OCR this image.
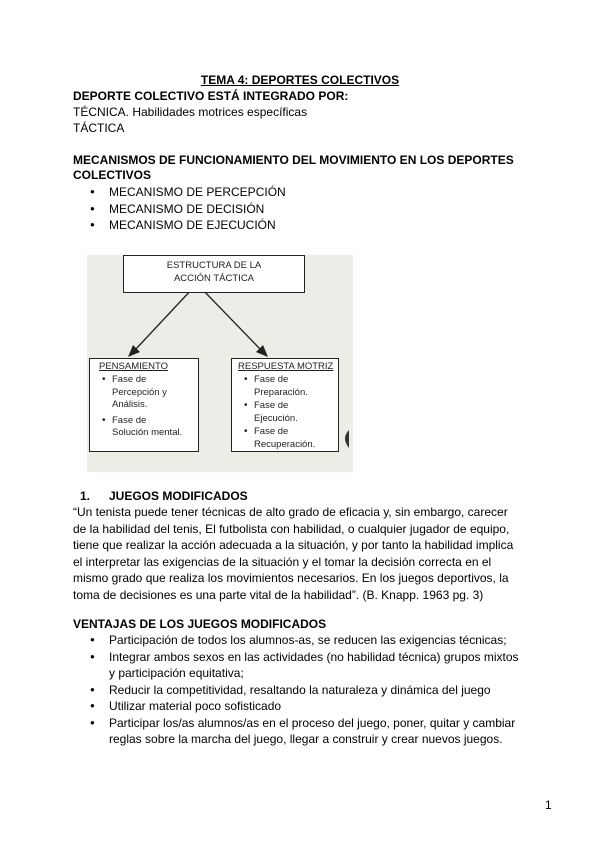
TEMA 4: DEPORTES COLECTIVOS
DEPORTE COLECTIVO ESTÁ INTEGRADO POR:
TÉCNICA. Habilidades motrices específicas
TÁCTICA
MECANISMOS DE FUNCIONAMIENTO DEL MOVIMIENTO EN LOS DEPORTES
COLECTIVOS
● MECANISMO DE PERCEPCIÓN
● MECANISMO DE DECISIÓN
● MECANISMO DE EJECUCIÓN
ESTRUCTURA DE LA
ACCIÓN TÁCTICA
PENSAMIENTO
• Fase de
Percepción y
Análisis.
• Fase de
Solución mental.
RESPUESTA MOTRIZ
• Fase de
Preparación.
• Fase de
Ejecución.
• Fase de
Recuperación.
1. JUEGOS MODIFICADOS
“Un tenista puede tener técnicas de alto grado de eficacia y, sin embargo, carecer
de la habilidad del tenis, El futbolista con habilidad, o cualquier jugador de equipo,
tiene que realizar la acción adecuada a la situación, y por tanto la habilidad implica
el interpretar las exigencias de la situación y el tomar la decisión correcta en el
mismo grado que realiza los movimientos necesarios. En los juegos deportivos, la
toma de decisiones es una parte vital de la habilidad”. (B. Knapp. 1963 pg. 3)
VENTAJAS DE LOS JUEGOS MODIFICADOS
● Participación de todos los alumnos-as, se reducen las exigencias técnicas;
● Integrar ambos sexos en las actividades (no habilidad técnica) grupos mixtos
y participación equitativa;
● Reducir la competitividad, resaltando la naturaleza y dinámica del juego
● Utilizar material poco sofisticado
● Participar los/as alumnos/as en el proceso del juego, poner, quitar y cambiar
reglas sobre la marcha del juego, llegar a construir y crear nuevos juegos.
1
